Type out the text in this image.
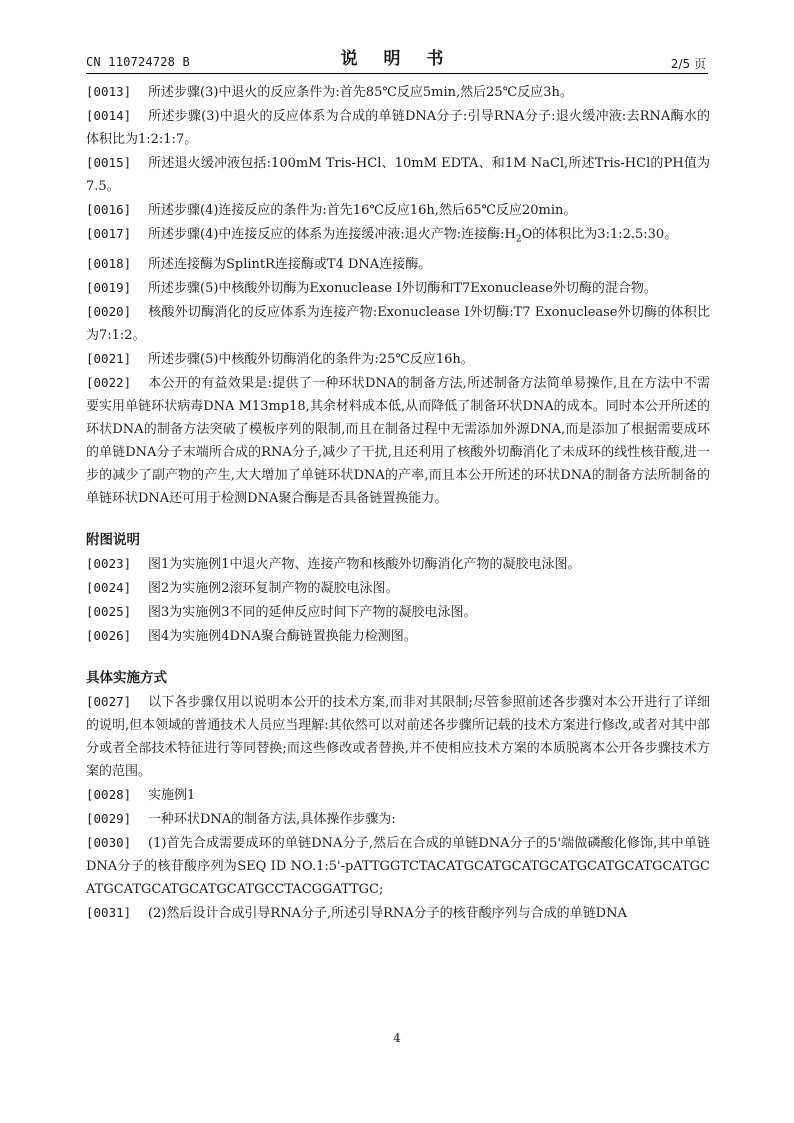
CN 110724728 B	说 明 书	2/5 页

[0013] 所述步骤(3)中退火的反应条件为:首先85℃反应5min,然后25℃反应3h。

[0014] 所述步骤(3)中退火的反应体系为合成的单链DNA分子:引导RNA分子:退火缓冲液:去RNA酶水的体积比为1:2:1:7。

[0015] 所述退火缓冲液包括:100mM Tris-HCl、10mM EDTA、和1M NaCl,所述Tris-HCl的PH值为7.5。

[0016] 所述步骤(4)连接反应的条件为:首先16℃反应16h,然后65℃反应20min。

[0017] 所述步骤(4)中连接反应的体系为连接缓冲液:退火产物:连接酶$:H_2O$的体积比为3:1:2.5:30。

[0018] 所述连接酶为SplintR连接酶或T4 DNA连接酶。

[0019] 所述步骤(5)中核酸外切酶为Exonuclease I外切酶和T7Exonuclease外切酶的混合物。

[0020] 核酸外切酶消化的反应体系为连接产物:Exonuclease I外切酶:T7 Exonuclease外切酶的体积比为7:1:2。

[0021] 所述步骤(5)中核酸外切酶消化的条件为:25℃反应16h。

[0022] 本公开的有益效果是:提供了一种环状DNA的制备方法,所述制备方法简单易操作,且在方法中不需要实用单链环状病毒DNA M13mp18,其余材料成本低,从而降低了制备环状DNA的成本。同时本公开所述的环状DNA的制备方法突破了模板序列的限制,而且在制备过程中无需添加外源DNA,而是添加了根据需要成环的单链DNA分子末端所合成的RNA分子,减少了干扰,且还利用了核酸外切酶消化了未成环的线性核苷酸,进一步的减少了副产物的产生,大大增加了单链环状DNA的产率,而且本公开所述的环状DNA的制备方法所制备的单链环状DNA还可用于检测DNA聚合酶是否具备链置换能力。

附图说明

[0023] 图1为实施例1中退火产物、连接产物和核酸外切酶消化产物的凝胶电泳图。

[0024] 图2为实施例2滚环复制产物的凝胶电泳图。

[0025] 图3为实施例3不同的延伸反应时间下产物的凝胶电泳图。

[0026] 图4为实施例4DNA聚合酶链置换能力检测图。

具体实施方式

[0027] 以下各步骤仅用以说明本公开的技术方案,而非对其限制;尽管参照前述各步骤对本公开进行了详细的说明,但本领域的普通技术人员应当理解:其依然可以对前述各步骤所记载的技术方案进行修改,或者对其中部分或者全部技术特征进行等同替换;而这些修改或者替换,并不使相应技术方案的本质脱离本公开各步骤技术方案的范围。

[0028] 实施例1

[0029] 一种环状DNA的制备方法,具体操作步骤为:

[0030] (1)首先合成需要成环的单链DNA分子,然后在合成的单链DNA分子的5'端做磷酸化修饰,其中单链DNA分子的核苷酸序列为SEQ ID NO.1:5'-pATTGGTCTACATGCATGCATGCATGCATGCATGCATGCATGCATGCATGCATGCATGCCTACGGATTGC;

[0031] (2)然后设计合成引导RNA分子,所述引导RNA分子的核苷酸序列与合成的单链DNA

4
